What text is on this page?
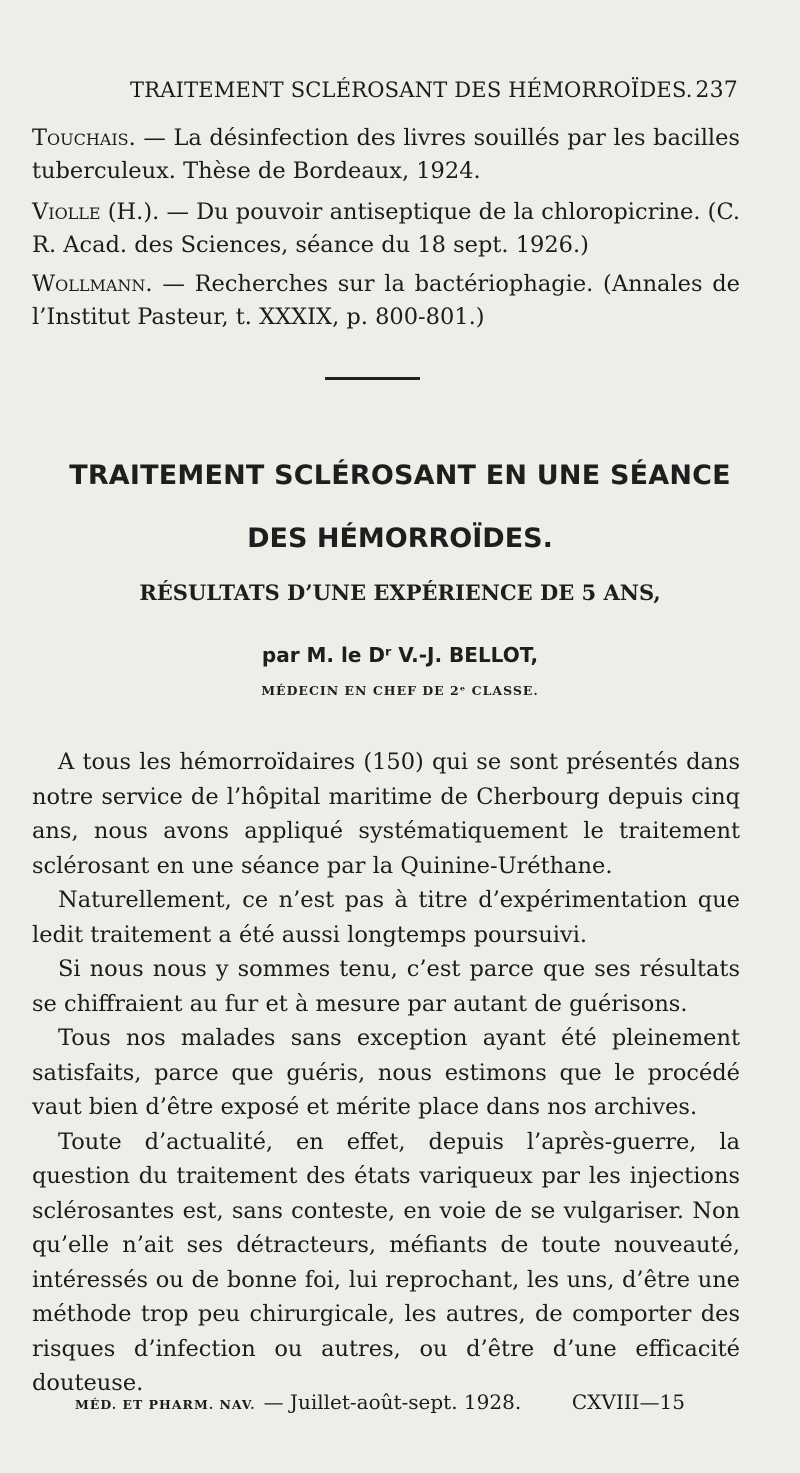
TRAITEMENT SCLÉROSANT DES HÉMORROÏDES. 237
Touchais. — La désinfection des livres souillés par les bacilles tuberculeux. Thèse de Bordeaux, 1924.
Violle (H.). — Du pouvoir antiseptique de la chloropicrine. (C. R. Acad. des Sciences, séance du 18 sept. 1926.)
Wollmann. — Recherches sur la bactériophagie. (Annales de l’Institut Pasteur, t. XXXIX, p. 800-801.)
TRAITEMENT SCLÉROSANT EN UNE SÉANCE
DES HÉMORROÏDES.
RÉSULTATS D’UNE EXPÉRIENCE DE 5 ANS,
par M. le Dʳ V.-J. BELLOT,
MÉDECIN EN CHEF DE 2ᵉ CLASSE.

A tous les hémorroïdaires (150) qui se sont présentés dans notre service de l’hôpital maritime de Cherbourg depuis cinq ans, nous avons appliqué systématiquement le traitement sclérosant en une séance par la Quinine-Uréthane.

Naturellement, ce n’est pas à titre d’expérimentation que ledit traitement a été aussi longtemps poursuivi.

Si nous nous y sommes tenu, c’est parce que ses résultats se chiffraient au fur et à mesure par autant de guérisons.

Tous nos malades sans exception ayant été pleinement satisfaits, parce que guéris, nous estimons que le procédé vaut bien d’être exposé et mérite place dans nos archives.

Toute d’actualité, en effet, depuis l’après-guerre, la question du traitement des états variqueux par les injections sclérosantes est, sans conteste, en voie de se vulgariser. Non qu’elle n’ait ses détracteurs, méfiants de toute nouveauté, intéressés ou de bonne foi, lui reprochant, les uns, d’être une méthode trop peu chirurgicale, les autres, de comporter des risques d’infection ou autres, ou d’être d’une efficacité douteuse.

MÉD. ET PHARM. NAV. — Juillet-août-sept. 1928.	CXVIII—15
